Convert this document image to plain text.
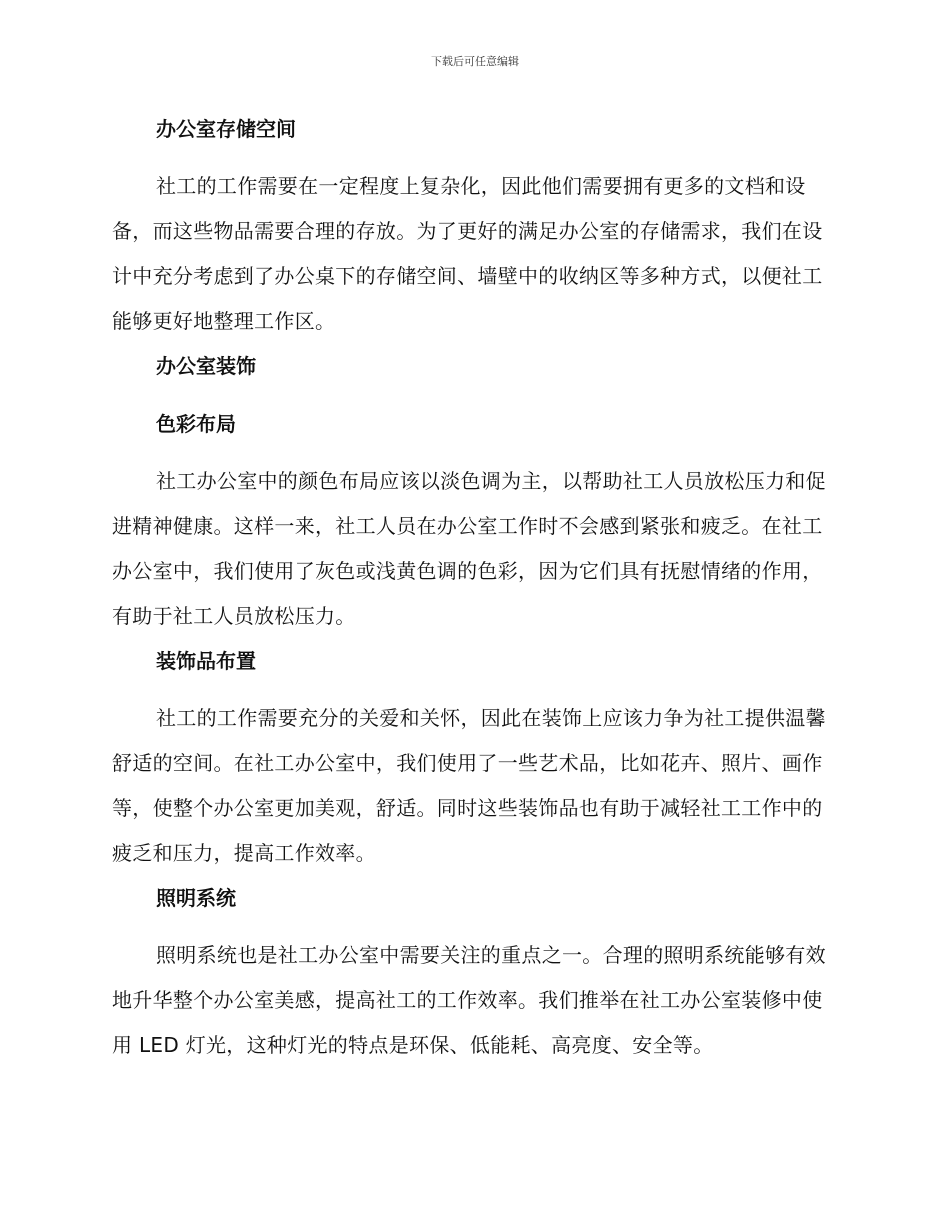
下载后可任意编辑
办公室存储空间

社工的工作需要在一定程度上复杂化，因此他们需要拥有更多的文档和设备，而这些物品需要合理的存放。为了更好的满足办公室的存储需求，我们在设计中充分考虑到了办公桌下的存储空间、墙壁中的收纳区等多种方式，以便社工能够更好地整理工作区。

办公室装饰
色彩布局

社工办公室中的颜色布局应该以淡色调为主，以帮助社工人员放松压力和促进精神健康。这样一来，社工人员在办公室工作时不会感到紧张和疲乏。在社工办公室中，我们使用了灰色或浅黄色调的色彩，因为它们具有抚慰情绪的作用，有助于社工人员放松压力。

装饰品布置

社工的工作需要充分的关爱和关怀，因此在装饰上应该力争为社工提供温馨舒适的空间。在社工办公室中，我们使用了一些艺术品，比如花卉、照片、画作等，使整个办公室更加美观，舒适。同时这些装饰品也有助于减轻社工工作中的疲乏和压力，提高工作效率。

照明系统

照明系统也是社工办公室中需要关注的重点之一。合理的照明系统能够有效地升华整个办公室美感，提高社工的工作效率。我们推举在社工办公室装修中使用 LED 灯光，这种灯光的特点是环保、低能耗、高亮度、安全等。
